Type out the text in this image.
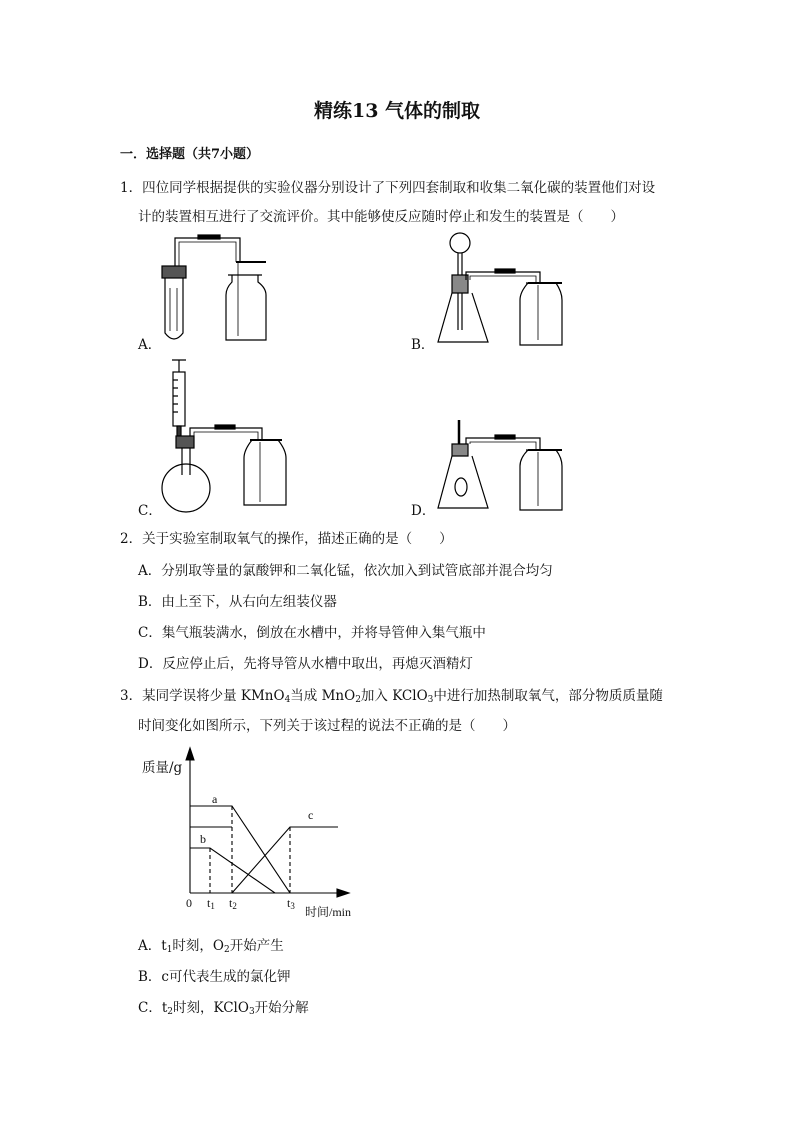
精练13 气体的制取
一．选择题（共7小题）
1．四位同学根据提供的实验仪器分别设计了下列四套制取和收集二氧化碳的装置他们对设
计的装置相互进行了交流评价。其中能够使反应随时停止和发生的装置是（　　）
A．	B．
C．	D．
2．关于实验室制取氧气的操作，描述正确的是（　　）
A．分别取等量的氯酸钾和二氧化锰，依次加入到试管底部并混合均匀
B．由上至下，从右向左组装仪器
C．集气瓶装满水，倒放在水槽中，并将导管伸入集气瓶中
D．反应停止后，先将导管从水槽中取出，再熄灭酒精灯
3．某同学误将少量 KMnO$_4$当成 MnO$_2$加入 KClO$_3$中进行加热制取氧气，部分物质质量随
时间变化如图所示，下列关于该过程的说法不正确的是（　　）
质量/g
时间/min
0 $t_1$ $t_2$	$t_3$
a
b
c
A．$t_1$时刻，$O_2$开始产生
B．c可代表生成的氯化钾
C．$t_2$时刻，KClO$_3$开始分解
